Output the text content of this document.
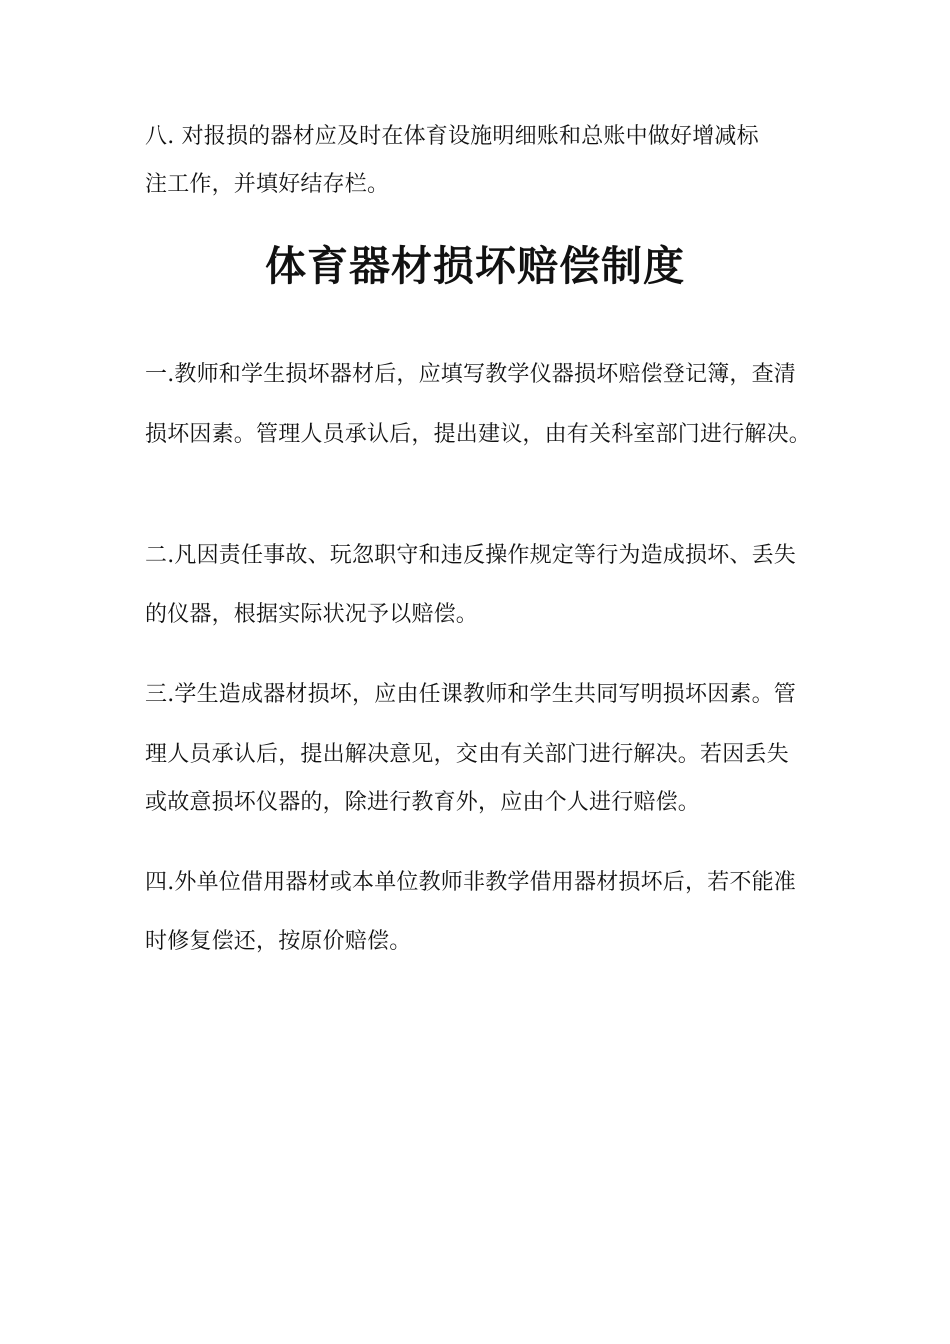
八. 对报损的器材应及时在体育设施明细账和总账中做好增减标
注工作，并填好结存栏。
体育器材损坏赔偿制度
一.教师和学生损坏器材后，应填写教学仪器损坏赔偿登记簿，查清
损坏因素。管理人员承认后，提出建议，由有关科室部门进行解决。
二.凡因责任事故、玩忽职守和违反操作规定等行为造成损坏、丢失
的仪器，根据实际状况予以赔偿。
三.学生造成器材损坏，应由任课教师和学生共同写明损坏因素。管
理人员承认后，提出解决意见，交由有关部门进行解决。若因丢失
或故意损坏仪器的，除进行教育外，应由个人进行赔偿。
四.外单位借用器材或本单位教师非教学借用器材损坏后，若不能准
时修复偿还，按原价赔偿。
